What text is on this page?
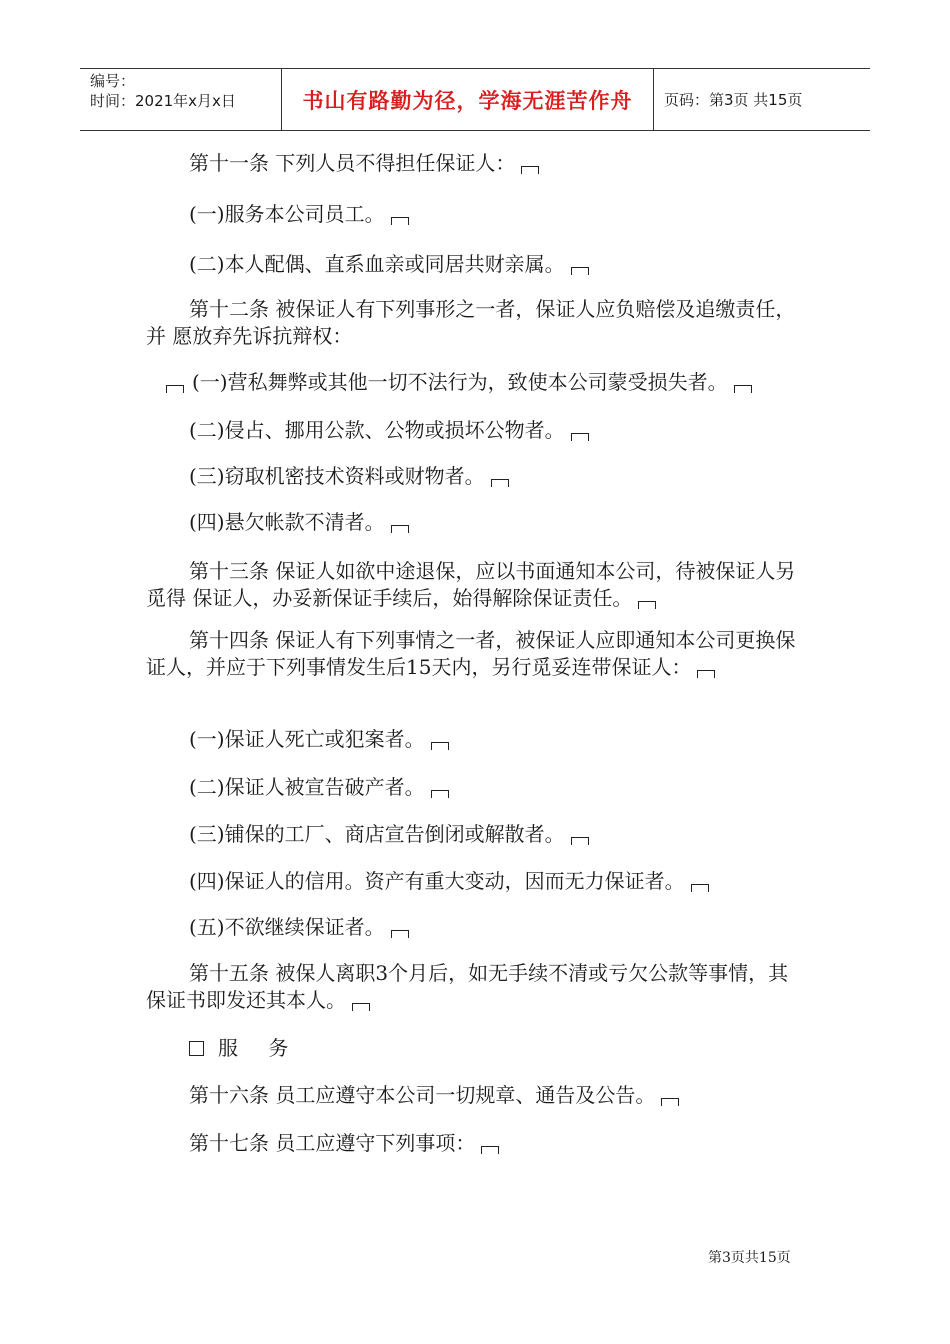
编号：
时间：2021年x月x日	书山有路勤为径，学海无涯苦作舟 页码：第3页 共15页

第十一条 下列人员不得担任保证人：

(一)服务本公司员工。

(二)本人配偶、直系血亲或同居共财亲属。

第十二条 被保证人有下列事形之一者，保证人应负赔偿及追缴责任，并 愿放弃先诉抗辩权：

(一)营私舞弊或其他一切不法行为，致使本公司蒙受损失者。

(二)侵占、挪用公款、公物或损坏公物者。

(三)窃取机密技术资料或财物者。

(四)悬欠帐款不清者。

第十三条 保证人如欲中途退保，应以书面通知本公司，待被保证人另觅得 保证人，办妥新保证手续后，始得解除保证责任。

第十四条 保证人有下列事情之一者，被保证人应即通知本公司更换保证人，并应于下列事情发生后15天内，另行觅妥连带保证人：

(一)保证人死亡或犯案者。

(二)保证人被宣告破产者。

(三)铺保的工厂、商店宣告倒闭或解散者。

(四)保证人的信用。资产有重大变动，因而无力保证者。

(五)不欲继续保证者。

第十五条 被保人离职3个月后，如无手续不清或亏欠公款等事情，其保证书即发还其本人。

服 务

第十六条 员工应遵守本公司一切规章、通告及公告。

第十七条 员工应遵守下列事项：

第3页共15页
